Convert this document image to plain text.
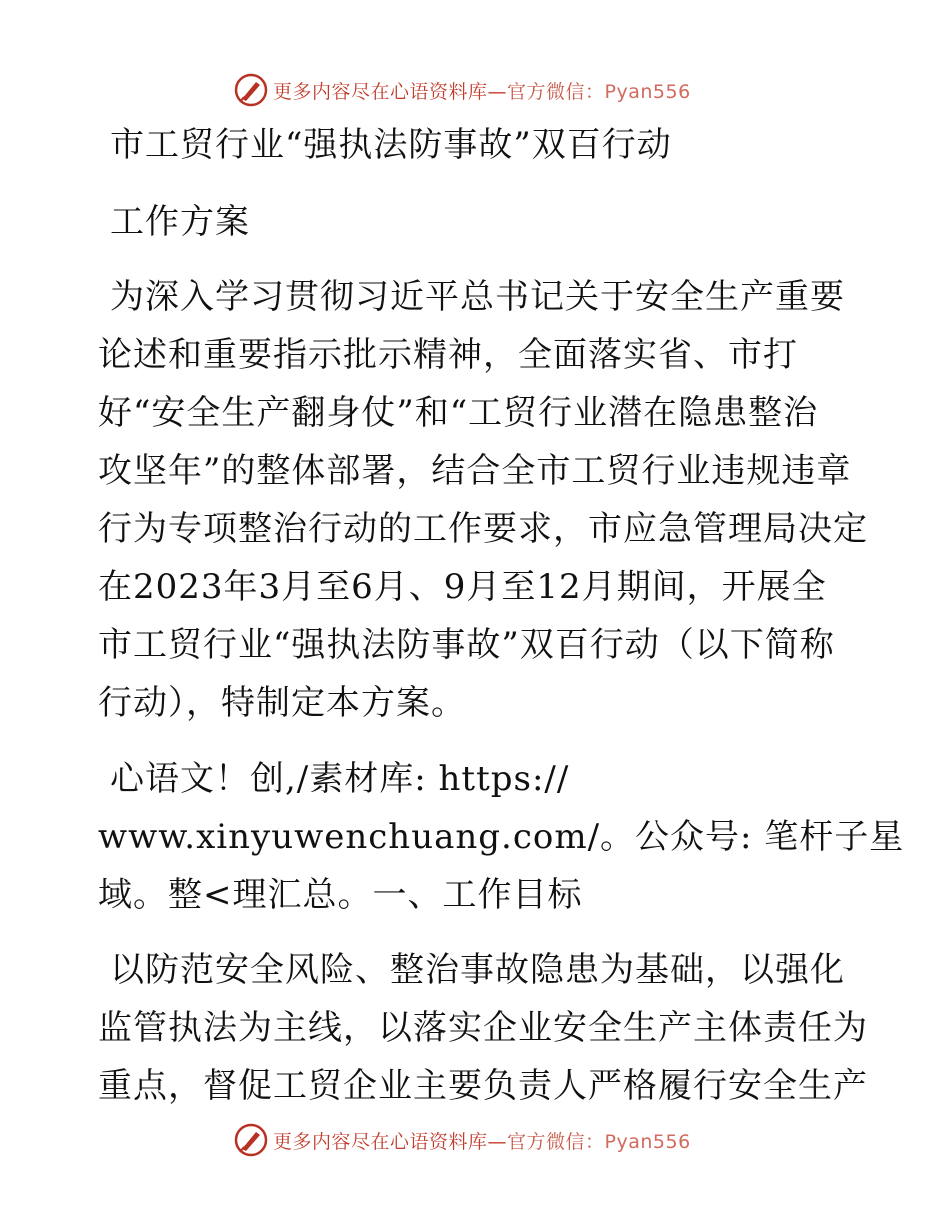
更多内容尽在心语资料库—官方微信：Pyan556
市工贸行业“强执法防事故”双百行动
工作方案
为深入学习贯彻习近平总书记关于安全生产重要
论述和重要指示批示精神，全面落实省、市打
好“安全生产翻身仗”和“工贸行业潜在隐患整治
攻坚年”的整体部署，结合全市工贸行业违规违章
行为专项整治行动的工作要求，市应急管理局决定
在2023年3月至6月、9月至12月期间，开展全
市工贸行业“强执法防事故”双百行动（以下简称
行动），特制定本方案。
心语文！创,/素材库: https://
www.xinyuwenchuang.com/。公众号: 笔杆子星
域。整<理汇总。一、工作目标
以防范安全风险、整治事故隐患为基础，以强化
监管执法为主线，以落实企业安全生产主体责任为
重点，督促工贸企业主要负责人严格履行安全生产
更多内容尽在心语资料库—官方微信：Pyan556
